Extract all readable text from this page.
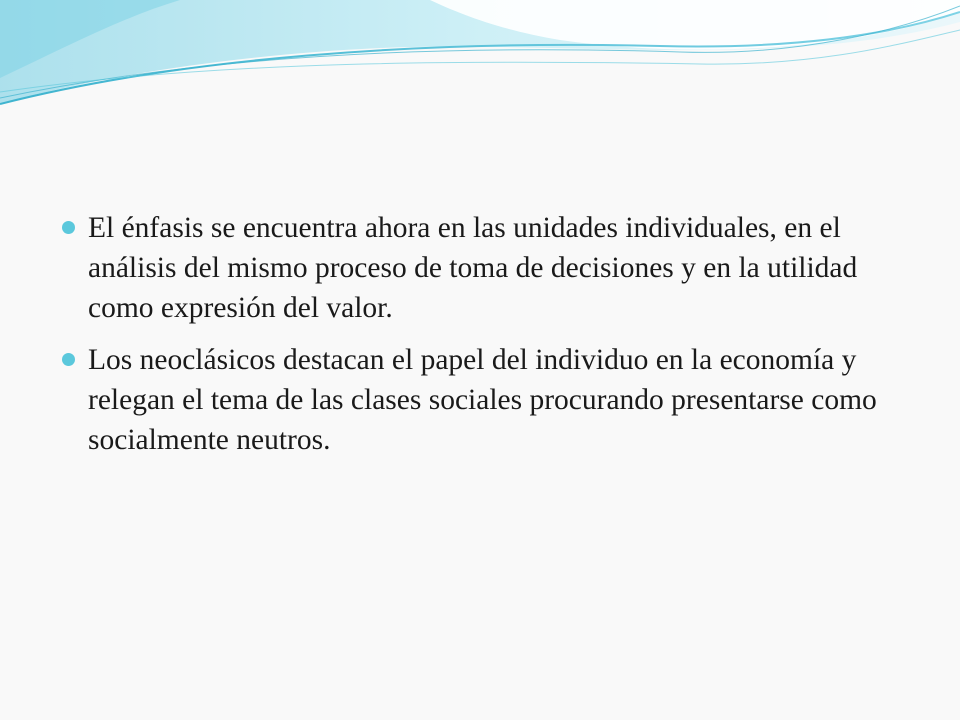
El énfasis se encuentra ahora en las unidades individuales, en el análisis del mismo proceso de toma de decisiones y en la utilidad como expresión del valor.
Los neoclásicos destacan el papel del individuo en la economía y relegan el tema de las clases sociales procurando presentarse como socialmente neutros.
